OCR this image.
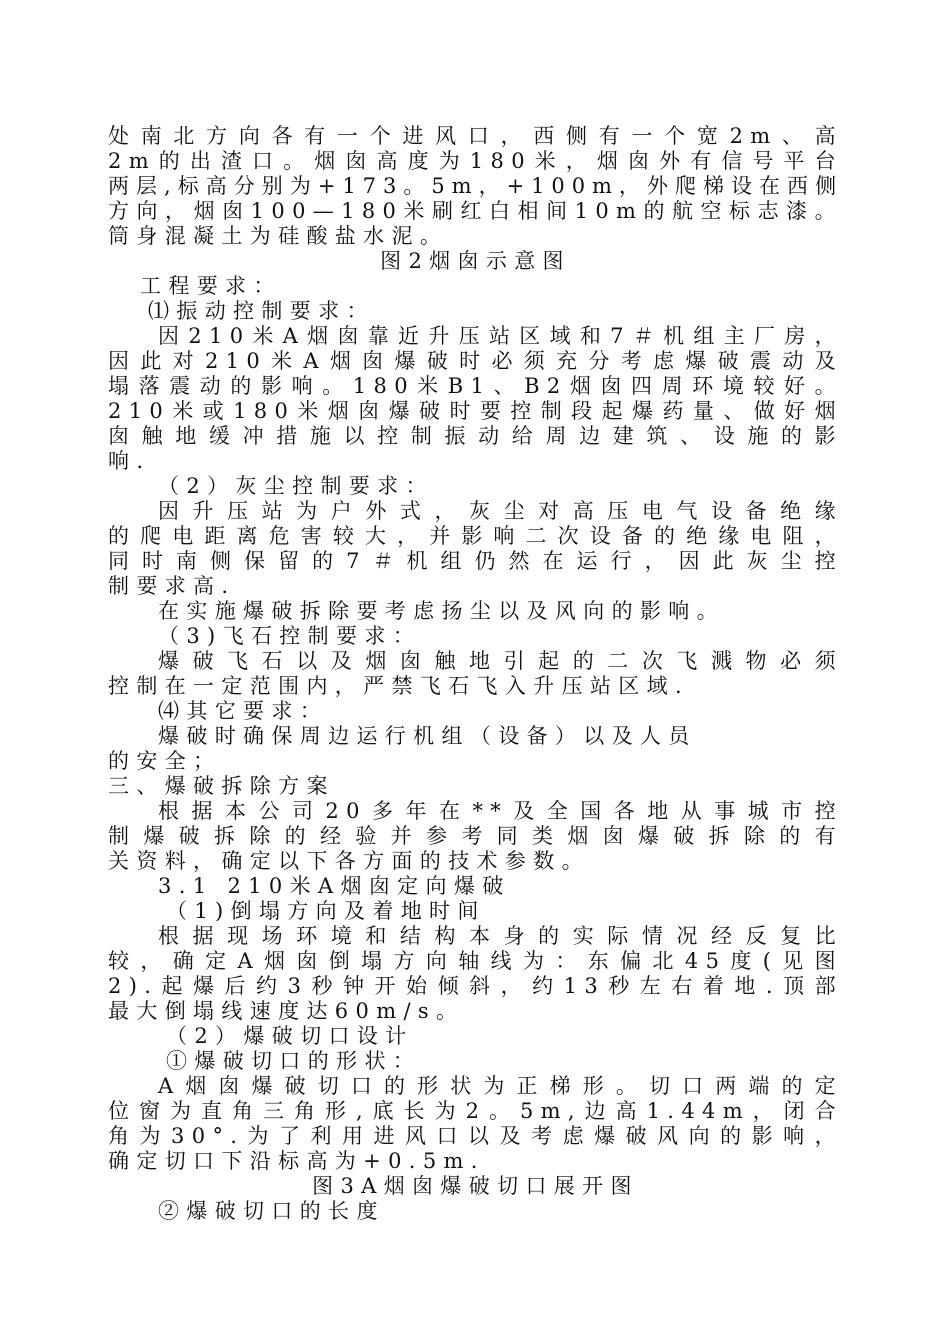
处南北方向各有一个进风口，西侧有一个宽2m、高
2m的出渣口。烟囱高度为180米，烟囱外有信号平台
两层,标高分别为+173。5m，+100m，外爬梯设在西侧
方向，烟囱100—180米刷红白相间10m的航空标志漆。
筒身混凝土为硅酸盐水泥。
图2烟囱示意图
工程要求：
⑴振动控制要求：
因210米A烟囱靠近升压站区域和7＃机组主厂房，
因此对210米A烟囱爆破时必须充分考虑爆破震动及
塌落震动的影响。180米B1、B2烟囱四周环境较好。
210米或180米烟囱爆破时要控制段起爆药量、做好烟
囱触地缓冲措施以控制振动给周边建筑、设施的影
响.
（2）灰尘控制要求：
因升压站为户外式，灰尘对高压电气设备绝缘
的爬电距离危害较大，并影响二次设备的绝缘电阻，
同时南侧保留的7＃机组仍然在运行，因此灰尘控
制要求高.
在实施爆破拆除要考虑扬尘以及风向的影响。
（3)飞石控制要求：
爆破飞石以及烟囱触地引起的二次飞溅物必须
控制在一定范围内，严禁飞石飞入升压站区域.
⑷其它要求：
爆破时确保周边运行机组（设备）以及人员
的安全；
三、爆破拆除方案
根据本公司20多年在**及全国各地从事城市控
制爆破拆除的经验并参考同类烟囱爆破拆除的有
关资料，确定以下各方面的技术参数。
3.1 210米A烟囱定向爆破
（1)倒塌方向及着地时间
根据现场环境和结构本身的实际情况经反复比
较，确定A烟囱倒塌方向轴线为：东偏北45度(见图
2).起爆后约3秒钟开始倾斜，约13秒左右着地.顶部
最大倒塌线速度达60m/s。
（2）爆破切口设计
①爆破切口的形状：
A烟囱爆破切口的形状为正梯形。切口两端的定
位窗为直角三角形,底长为2。5m,边高1.44m，闭合
角为30°.为了利用进风口以及考虑爆破风向的影响，
确定切口下沿标高为+0.5m.
图3A烟囱爆破切口展开图
②爆破切口的长度
